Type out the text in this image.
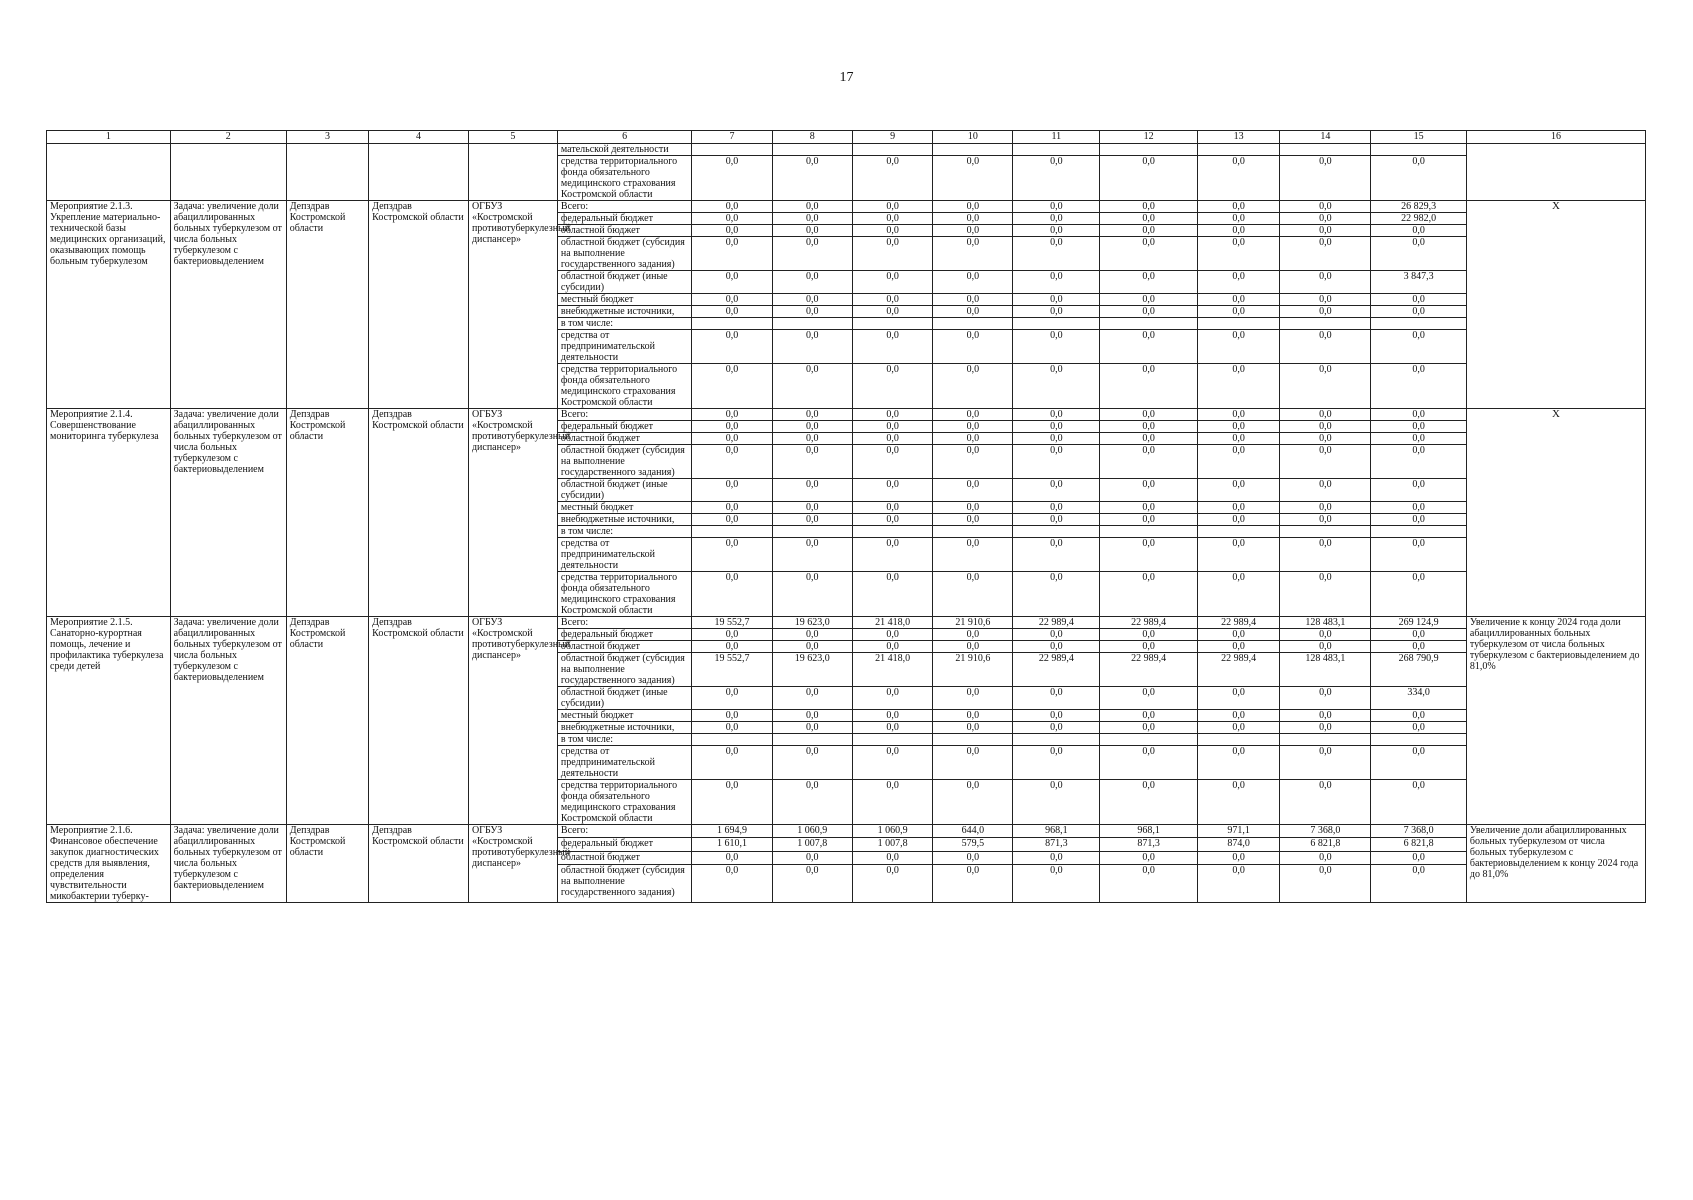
17
1	2	3	4	5	6	7	8	9	10	11	12	13	14	15	16
					мательской деятельности										
					средства территориального фонда обязательного медицинского страхования Костромской области	0,0	0,0	0,0	0,0	0,0	0,0	0,0	0,0	0,0	
Мероприятие 2.1.3. Укрепление материально-технической базы медицинских организаций, оказывающих помощь больным туберкулезом	Задача: увеличение доли абациллированных больных туберкулезом от числа больных туберкулезом с бактериовыделением	Депздрав Костромской области	Депздрав Костромской области	ОГБУЗ «Костромской противотуберкулезный диспансер»	Всего:	0,0	0,0	0,0	0,0	0,0	0,0	0,0	0,0	26 829,3	X
					федеральный бюджет	0,0	0,0	0,0	0,0	0,0	0,0	0,0	0,0	22 982,0	
					областной бюджет	0,0	0,0	0,0	0,0	0,0	0,0	0,0	0,0	0,0	
					областной бюджет (субсидия на выполнение государственного задания)	0,0	0,0	0,0	0,0	0,0	0,0	0,0	0,0	0,0	
					областной бюджет (иные субсидии)	0,0	0,0	0,0	0,0	0,0	0,0	0,0	0,0	3 847,3	
					местный бюджет	0,0	0,0	0,0	0,0	0,0	0,0	0,0	0,0	0,0	
					внебюджетные источники,	0,0	0,0	0,0	0,0	0,0	0,0	0,0	0,0	0,0	
					в том числе:										
					средства от предпринимательской деятельности	0,0	0,0	0,0	0,0	0,0	0,0	0,0	0,0	0,0	
					средства территориального фонда обязательного медицинского страхования Костромской области	0,0	0,0	0,0	0,0	0,0	0,0	0,0	0,0	0,0	
Мероприятие 2.1.4. Совершенствование мониторинга туберкулеза	Задача: увеличение доли абациллированных больных туберкулезом от числа больных туберкулезом с бактериовыделением	Депздрав Костромской области	Депздрав Костромской области	ОГБУЗ «Костромской противотуберкулезный диспансер»	Всего:	0,0	0,0	0,0	0,0	0,0	0,0	0,0	0,0	0,0	X
					федеральный бюджет	0,0	0,0	0,0	0,0	0,0	0,0	0,0	0,0	0,0	
					областной бюджет	0,0	0,0	0,0	0,0	0,0	0,0	0,0	0,0	0,0	
					областной бюджет (субсидия на выполнение государственного задания)	0,0	0,0	0,0	0,0	0,0	0,0	0,0	0,0	0,0	
					областной бюджет (иные субсидии)	0,0	0,0	0,0	0,0	0,0	0,0	0,0	0,0	0,0	
					местный бюджет	0,0	0,0	0,0	0,0	0,0	0,0	0,0	0,0	0,0	
					внебюджетные источники,	0,0	0,0	0,0	0,0	0,0	0,0	0,0	0,0	0,0	
					в том числе:										
					средства от предпринимательской деятельности	0,0	0,0	0,0	0,0	0,0	0,0	0,0	0,0	0,0	
					средства территориального фонда обязательного медицинского страхования Костромской области	0,0	0,0	0,0	0,0	0,0	0,0	0,0	0,0	0,0	
Мероприятие 2.1.5. Санаторно-курортная помощь, лечение и профилактика туберкулеза среди детей	Задача: увеличение доли абациллированных больных туберкулезом от числа больных туберкулезом с бактериовыделением	Депздрав Костромской области	Депздрав Костромской области	ОГБУЗ «Костромской противотуберкулезный диспансер»	Всего:	19 552,7	19 623,0	21 418,0	21 910,6	22 989,4	22 989,4	22 989,4	128 483,1	269 124,9	Увеличение к концу 2024 года доли абациллированных больных туберкулезом от числа больных туберкулезом с бактериовыделением до 81,0%
					федеральный бюджет	0,0	0,0	0,0	0,0	0,0	0,0	0,0	0,0	0,0	
					областной бюджет	0,0	0,0	0,0	0,0	0,0	0,0	0,0	0,0	0,0	
					областной бюджет (субсидия на выполнение государственного задания)	19 552,7	19 623,0	21 418,0	21 910,6	22 989,4	22 989,4	22 989,4	128 483,1	268 790,9	
					областной бюджет (иные субсидии)	0,0	0,0	0,0	0,0	0,0	0,0	0,0	0,0	334,0	
					местный бюджет	0,0	0,0	0,0	0,0	0,0	0,0	0,0	0,0	0,0	
					внебюджетные источники,	0,0	0,0	0,0	0,0	0,0	0,0	0,0	0,0	0,0	
					в том числе:										
					средства от предпринимательской деятельности	0,0	0,0	0,0	0,0	0,0	0,0	0,0	0,0	0,0	
					средства территориального фонда обязательного медицинского страхования Костромской области	0,0	0,0	0,0	0,0	0,0	0,0	0,0	0,0	0,0	
Мероприятие 2.1.6. Финансовое обеспечение закупок диагностических средств для выявления, определения чувствительности микобактерии туберку-	Задача: увеличение доли абациллированных больных туберкулезом от числа больных туберкулезом с бактериовыделением	Депздрав Костромской области	Депздрав Костромской области	ОГБУЗ «Костромской противотуберкулезный диспансер»	Всего:	1 694,9	1 060,9	1 060,9	644,0	968,1	968,1	971,1	7 368,0	7 368,0	Увеличение доли абациллированных больных туберкулезом от числа больных туберкулезом с бактериовыделением к концу 2024 года до 81,0%
					федеральный бюджет	1 610,1	1 007,8	1 007,8	579,5	871,3	871,3	874,0	6 821,8	6 821,8	
					областной бюджет	0,0	0,0	0,0	0,0	0,0	0,0	0,0	0,0	0,0	
					областной бюджет (субсидия на выполнение государственного задания)	0,0	0,0	0,0	0,0	0,0	0,0	0,0	0,0	0,0	
